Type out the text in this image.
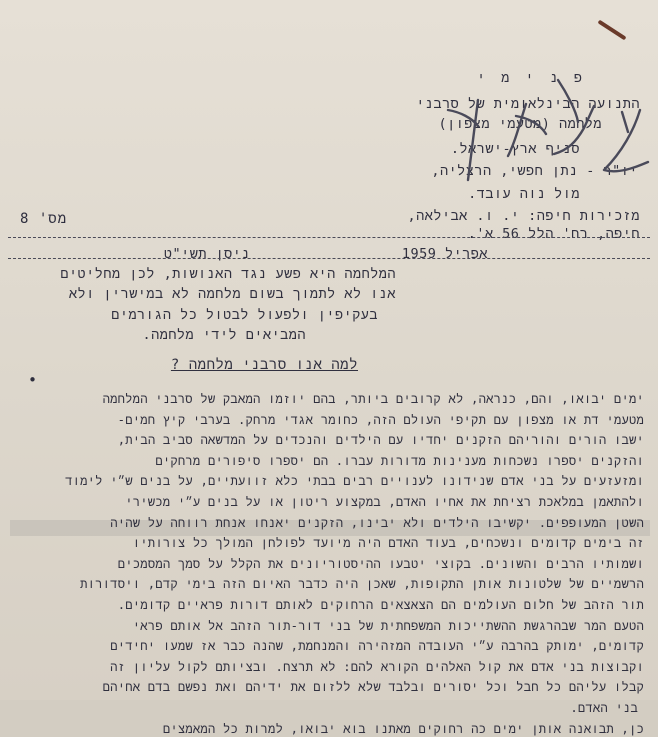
פ נ י מ י
התנועה הבינלאומית של סרבני
מלחמה (מטעמי מצפון)
סניף ארץ-ישראל.
יו"ר - נתן חפשי, הרצליה,
מול נוה עובד.
מזכירות חיפה: י. ו. אבילאה,
חיפה, רח' הלל 56 א'.
מס' 8
אפריל 1959
ניסן תשי"ט
המלחמה היא פשע נגד האנושות, לכן מחליטים
אנו לא לתמוך בשום מלחמה לא במישרין ולא
בעקיפין ולפעול לבטול כל הגורמים
המביאים לידי מלחמה.
למה אנו סרבני מלחמה ?
•
ימים יבואו, והם, כנראה, לא קרובים ביותר, בהם יוזמו המאבק של סרבני המלחמה
מטעמי דת או מצפון עם תקיפי העולם הזה, כחומר אגדי מרחק. בערבי קיץ חמים-
ישבו הורים והוריהם הזקנים יחדיו עם הילדים והנכדים על המדשאה סביב הבית,
והזקנים יספרו נשכחות מענינות מדורות עברו. הם יספרו סיפורים מרחקים
ומזעזעים על בני אדם שנידונו לענויים רבים בבתי כלא זוועתיים, על בנים ש״י לימוד
ולהתאמן במלאכת רציחת את אחיו האדם, במקצוע ריטון או על בנים ע״י מכשירי
השטן המעופפים. יקשיבו הילדים ולא יבינו, הזקנים יאנחו אנחת רווחה על שהיה
זה בימים קדומים ונשכחים, בעוד האדם היה מיועד לפולחן המולך כל צורותיו
ושמותיו הרבים והשונים. בקוצי יטבעו ההיסטוריונים את הקלל על סמך המסמכים
הרשמיים של שלטונות אותן התקופות, שאכן היה כדבר האיום הזה בימי קדם, ויסדורות
תור הזהב של חלום העולמים הם הצאצאים הרחוקים לאותם דורות פראיים קדומים.
הטעם המר שבהרגשת ההשתייכות המשפחתית של בני דור-תור הזהב אל אותם פראי
קדומים, ימותק בהרבה ע״י העובדה המזהירה והמנחמת, שהנה כבר אז שמעו יחידים
וקבוצות בני אדם את קול האלהים הקורא להם: לא תרצח. ובציותם לקול עליון זה
קבלו עליהם כל חבל וכל יסורים ובלבד שלא ללזום את ידיהם ואת נפשם בדם אחיהם
בני האדם.
כן, תבואנה אותן ימים כה רחוקים מאתנו בוא יבואו, למרות כל המאמצים
